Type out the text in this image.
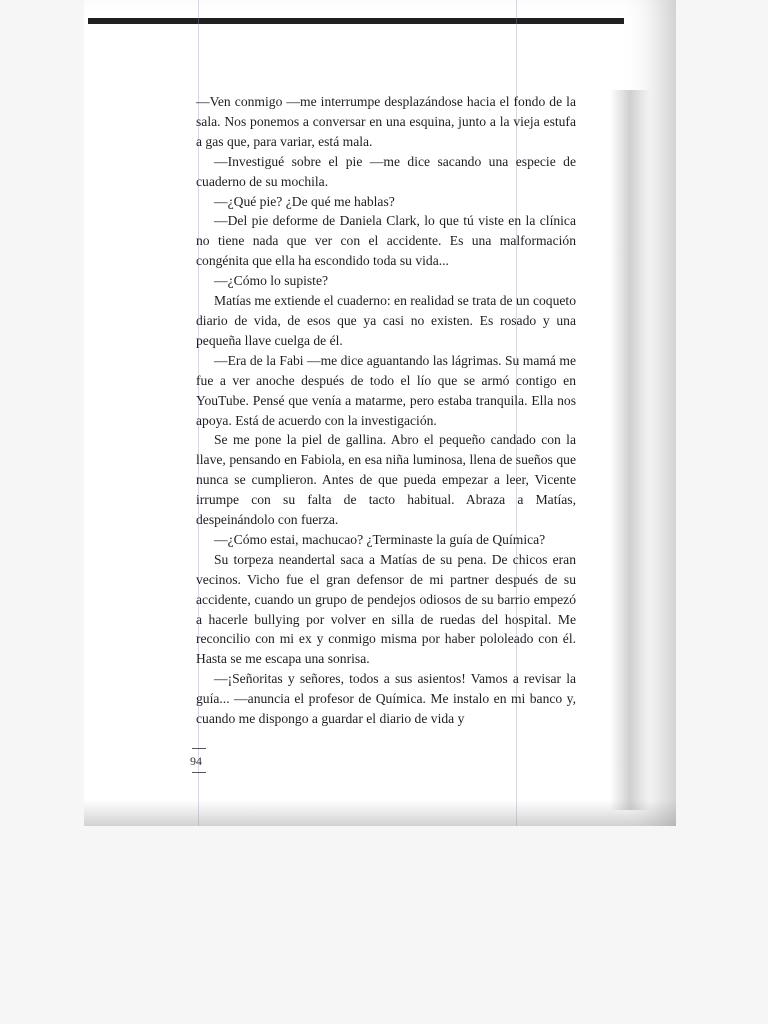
—Ven conmigo —me interrumpe desplazándose hacia el fondo de la sala. Nos ponemos a conversar en una esquina, junto a la vieja estufa a gas que, para variar, está mala.

—Investigué sobre el pie —me dice sacando una especie de cuaderno de su mochila.

—¿Qué pie? ¿De qué me hablas?

—Del pie deforme de Daniela Clark, lo que tú viste en la clínica no tiene nada que ver con el accidente. Es una malformación congénita que ella ha escondido toda su vida...

—¿Cómo lo supiste?

Matías me extiende el cuaderno: en realidad se trata de un coqueto diario de vida, de esos que ya casi no existen. Es rosado y una pequeña llave cuelga de él.

—Era de la Fabi —me dice aguantando las lágrimas. Su mamá me fue a ver anoche después de todo el lío que se armó contigo en YouTube. Pensé que venía a matarme, pero estaba tranquila. Ella nos apoya. Está de acuerdo con la investigación.

Se me pone la piel de gallina. Abro el pequeño candado con la llave, pensando en Fabiola, en esa niña luminosa, llena de sueños que nunca se cumplieron. Antes de que pueda empezar a leer, Vicente irrumpe con su falta de tacto habitual. Abraza a Matías, despeinándolo con fuerza.

—¿Cómo estai, machucao? ¿Terminaste la guía de Química?

Su torpeza neandertal saca a Matías de su pena. De chicos eran vecinos. Vicho fue el gran defensor de mi partner después de su accidente, cuando un grupo de pendejos odiosos de su barrio empezó a hacerle bullying por volver en silla de ruedas del hospital. Me reconcilio con mi ex y conmigo misma por haber pololeado con él. Hasta se me escapa una sonrisa.

—¡Señoritas y señores, todos a sus asientos! Vamos a revisar la guía... —anuncia el profesor de Química. Me instalo en mi banco y, cuando me dispongo a guardar el diario de vida y

94
